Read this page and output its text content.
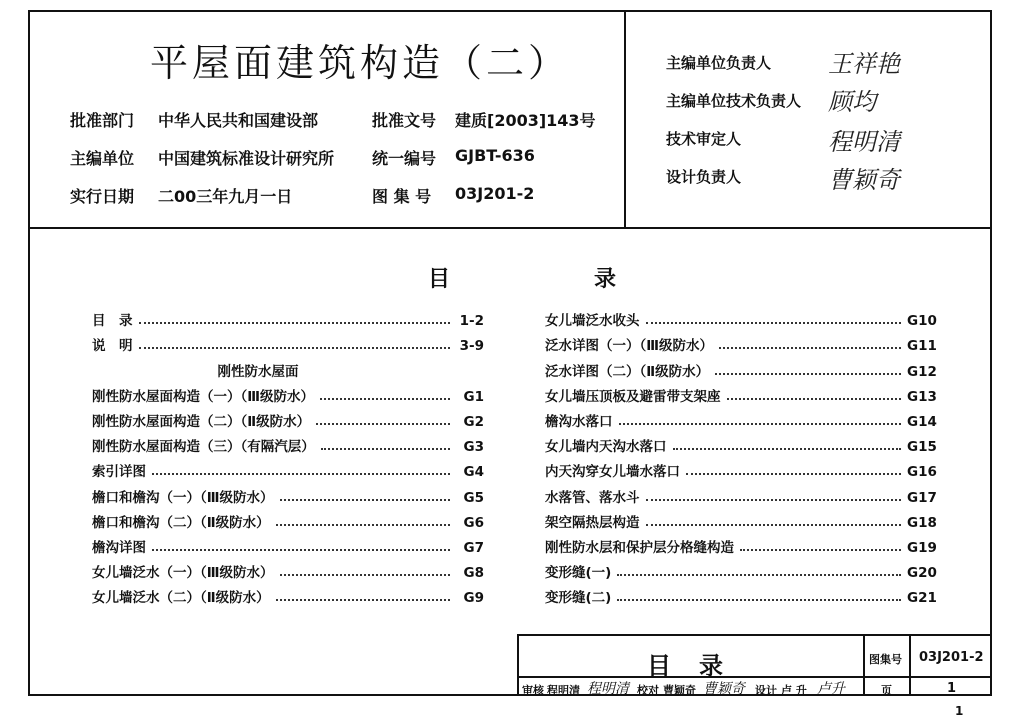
平屋面建筑构造（二）
批准部门 中华人民共和国建设部	批准文号 建质[2003]143号
主编单位 中国建筑标准设计研究所 统一编号 GJBT-636
实行日期 二00三年九月一日	图 集 号 03J201-2
主编单位负责人	王祥艳
主编单位技术负责人	顾均
技术审定人	程明清
设计负责人	曹颖奇
目	录
目　录	1-2
说　明	3-9
刚性防水屋面
刚性防水屋面构造（一）（Ⅲ级防水）	G1
刚性防水屋面构造（二）（Ⅱ级防水）	G2
刚性防水屋面构造（三）（有隔汽层）	G3
索引详图	G4
檐口和檐沟（一）（Ⅲ级防水）	G5
檐口和檐沟（二）（Ⅱ级防水）	G6
檐沟详图	G7
女儿墙泛水（一）（Ⅲ级防水）	G8
女儿墙泛水（二）（Ⅱ级防水）	G9
女儿墙泛水收头	G10
泛水详图（一）（Ⅲ级防水）	G11
泛水详图（二）（Ⅱ级防水）	G12
女儿墙压顶板及避雷带支架座	G13
檐沟水落口	G14
女儿墙内天沟水落口	G15
内天沟穿女儿墙水落口	G16
水落管、落水斗	G17
架空隔热层构造	G18
刚性防水层和保护层分格缝构造	G19
变形缝(一)	G20
变形缝(二)	G21
目录	图集号 03J201-2
审核 程明清 程明清 校对 曹颖奇 曹颖奇 设计 卢 升 卢升	页	1
1
